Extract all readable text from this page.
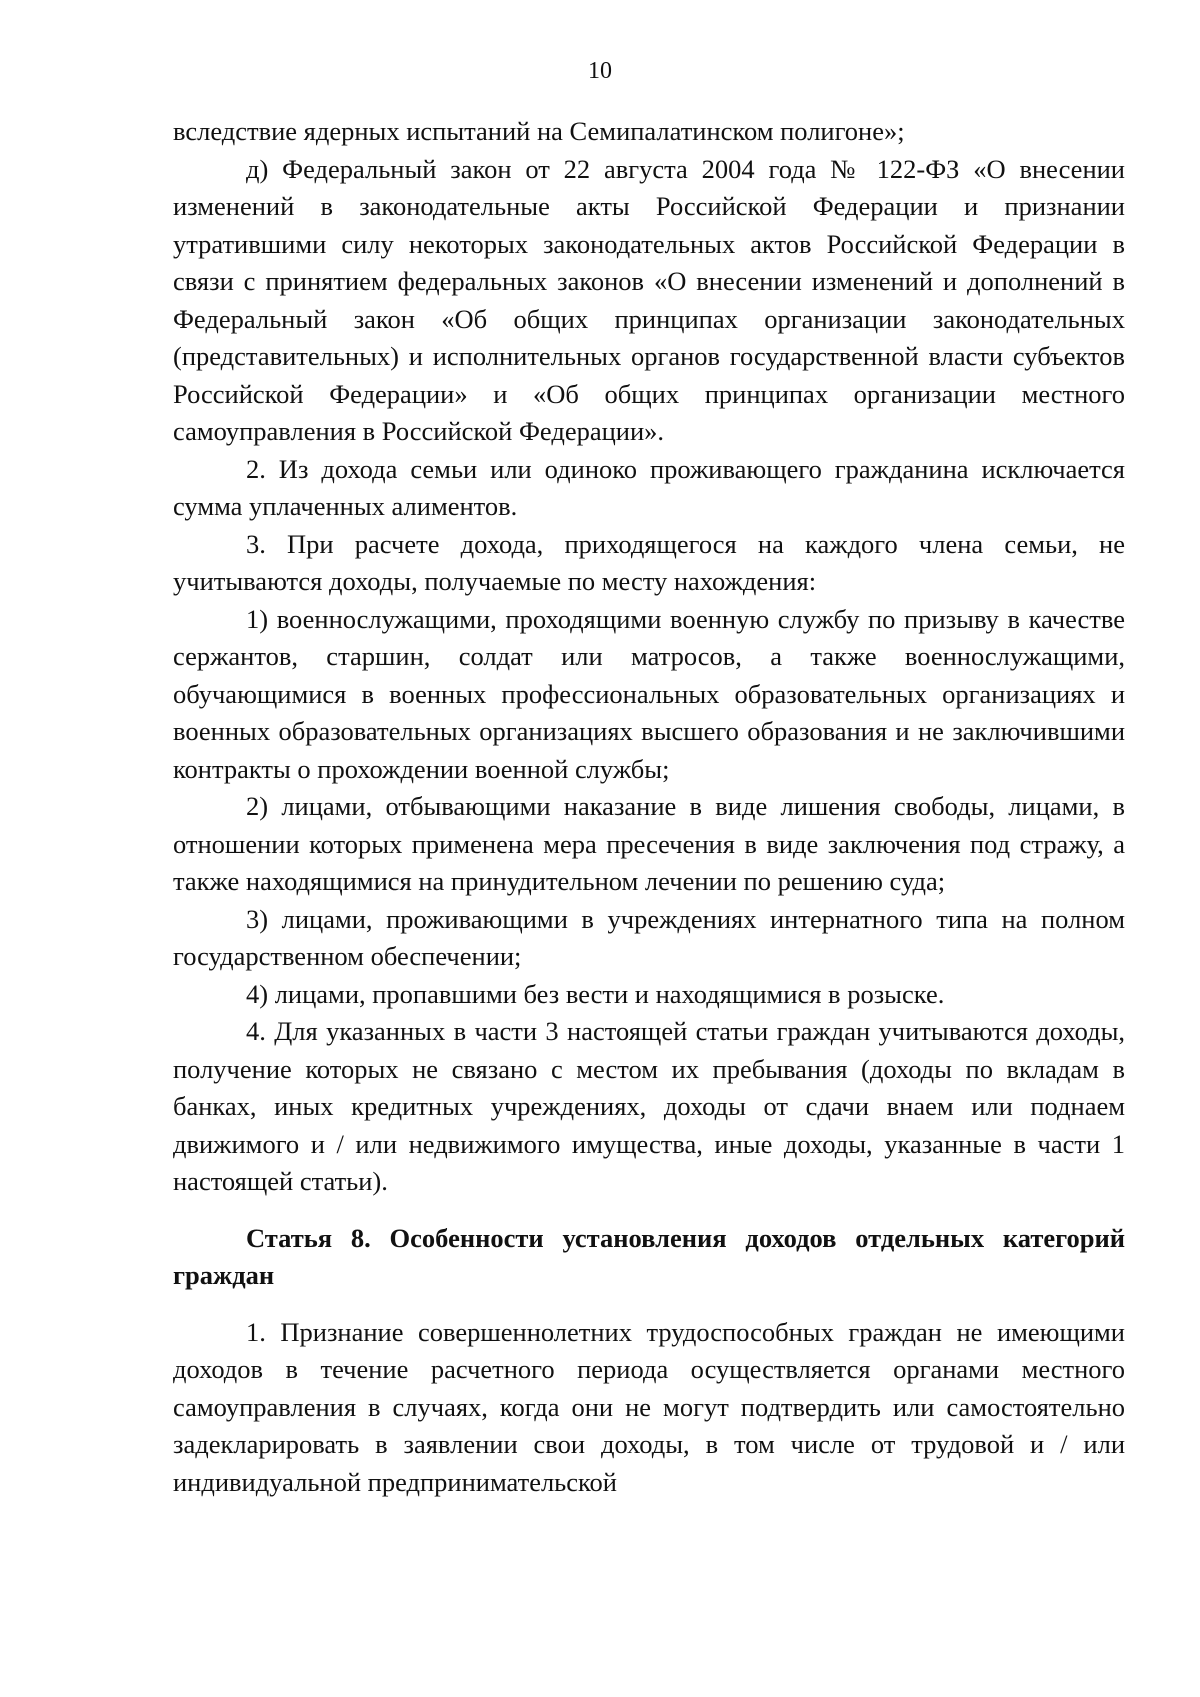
10

вследствие ядерных испытаний на Семипалатинском полигоне»;

д) Федеральный закон от 22 августа 2004 года № 122-ФЗ «О внесении изменений в законодательные акты Российской Федерации и признании утратившими силу некоторых законодательных актов Российской Федерации в связи с принятием федеральных законов «О внесении изменений и дополнений в Федеральный закон «Об общих принципах организации законодательных (представительных) и исполнительных органов государственной власти субъектов Российской Федерации» и «Об общих принципах организации местного самоуправления в Российской Федерации».

2. Из дохода семьи или одиноко проживающего гражданина исключается сумма уплаченных алиментов.

3. При расчете дохода, приходящегося на каждого члена семьи, не учитываются доходы, получаемые по месту нахождения:

1) военнослужащими, проходящими военную службу по призыву в качестве сержантов, старшин, солдат или матросов, а также военнослужащими, обучающимися в военных профессиональных образовательных организациях и военных образовательных организациях высшего образования и не заключившими контракты о прохождении военной службы;

2) лицами, отбывающими наказание в виде лишения свободы, лицами, в отношении которых применена мера пресечения в виде заключения под стражу, а также находящимися на принудительном лечении по решению суда;

3) лицами, проживающими в учреждениях интернатного типа на полном государственном обеспечении;

4) лицами, пропавшими без вести и находящимися в розыске.

4. Для указанных в части 3 настоящей статьи граждан учитываются доходы, получение которых не связано с местом их пребывания (доходы по вкладам в банках, иных кредитных учреждениях, доходы от сдачи внаем или поднаем движимого и / или недвижимого имущества, иные доходы, указанные в части 1 настоящей статьи).

Статья 8. Особенности установления доходов отдельных категорий граждан

1. Признание совершеннолетних трудоспособных граждан не имеющими доходов в течение расчетного периода осуществляется органами местного самоуправления в случаях, когда они не могут подтвердить или самостоятельно задекларировать в заявлении свои доходы, в том числе от трудовой и / или индивидуальной предпринимательской
